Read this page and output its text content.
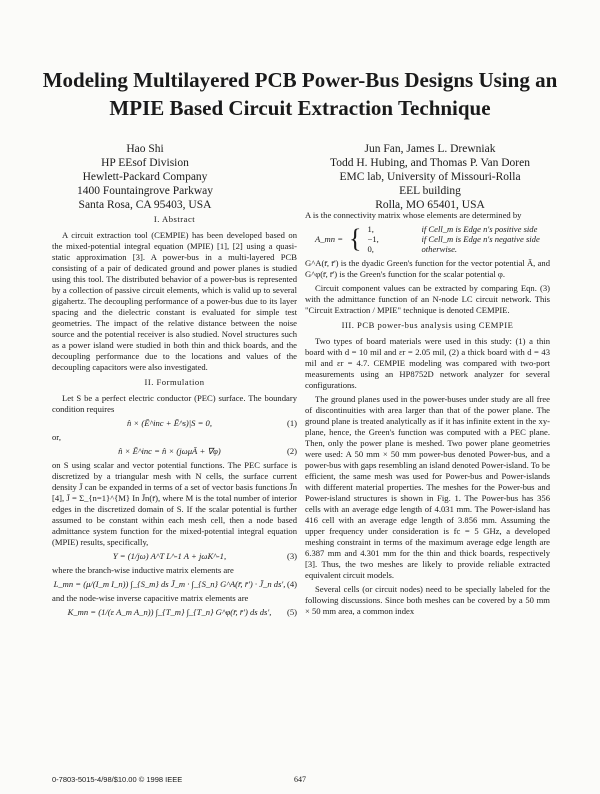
Modeling Multilayered PCB Power-Bus Designs Using an
MPIE Based Circuit Extraction Technique
Hao Shi
HP EEsof Division
Hewlett-Packard Company
1400 Fountaingrove Parkway
Santa Rosa, CA 95403, USA
Jun Fan, James L. Drewniak
Todd H. Hubing, and Thomas P. Van Doren
EMC lab, University of Missouri-Rolla
EEL building
Rolla, MO 65401, USA
I. Abstract

A circuit extraction tool (CEMPIE) has been developed based on the mixed-potential integral equation (MPIE) [1], [2] using a quasi-static approximation [3]. A power-bus in a multi-layered PCB consisting of a pair of dedicated ground and power planes is studied using this tool. The distributed behavior of a power-bus is represented by a collection of passive circuit elements, which is valid up to several gigahertz. The decoupling performance of a power-bus due to its layer spacing and the dielectric constant is evaluated for simple test geometries. The impact of the relative distance between the noise source and the potential receiver is also studied. Novel structures such as a power island were studied in both thin and thick boards, and the decoupling performance due to the locations and values of the decoupling capacitors were also investigated.

II. Formulation

Let S be a perfect electric conductor (PEC) surface. The boundary condition requires

n̂ × (Ē^inc + Ē^s)|S = 0,	(1)

or,

n̂ × Ē^inc = n̂ × (jωμĀ + ∇φ)	(2)

on S using scalar and vector potential functions. The PEC surface is discretized by a triangular mesh with N cells, the surface current density J̄ can be expanded in terms of a set of vector basis functions J̄n [4], J̄ = Σ_{n=1}^{M} In J̄n(r̄), where M is the total number of interior edges in the discretized domain of S. If the scalar potential is further assumed to be constant within each mesh cell, then a node based admittance system function for the mixed-potential integral equation (MPIE) results, specifically,

Y = (1/jω) A^T L^-1 A + jωK^-1,	(3)

where the branch-wise inductive matrix elements are

L_mn = (μ/(I_m I_n)) ∫_{S_m} ds J̄_m · ∫_{S_n} G^A(r̄, r̄') · J̄_n ds', (4)

and the node-wise inverse capacitive matrix elements are

K_mn = (1/(ε A_m A_n)) ∫_{T_m} ∫_{T_n} G^φ(r̄, r̄') ds ds',	(5)

A is the connectivity matrix whose elements are determined by

A_mn = { 1,	if Cell_m is Edge n's positive side
−1,	if Cell_m is Edge n's negative side
0,	otherwise.

G^A(r̄, r̄') is the dyadic Green's function for the vector potential Ā, and G^φ(r̄, r̄') is the Green's function for the scalar potential φ.

Circuit component values can be extracted by comparing Eqn. (3) with the admittance function of an N-node LC circuit network. This "Circuit Extraction / MPIE" technique is denoted CEMPIE.

III. PCB power-bus analysis using CEMPIE

Two types of board materials were used in this study: (1) a thin board with d = 10 mil and εr = 2.05 mil, (2) a thick board with d = 43 mil and εr = 4.7. CEMPIE modeling was compared with two-port measurements using an HP8752D network analyzer for several configurations.

The ground planes used in the power-buses under study are all free of discontinuities with area larger than that of the power plane. The ground plane is treated analytically as if it has infinite extent in the xy-plane, hence, the Green's function was computed with a PEC plane. Then, only the power plane is meshed. Two power plane geometries were used: A 50 mm × 50 mm power-bus denoted Power-bus, and a power-bus with gaps resembling an island denoted Power-island. To be efficient, the same mesh was used for Power-bus and Power-islands with different material properties. The meshes for the Power-bus and Power-island structures is shown in Fig. 1. The Power-bus has 356 cells with an average edge length of 4.031 mm. The Power-island has 416 cell with an average edge length of 3.856 mm. Assuming the upper frequency under consideration is fc = 5 GHz, a developed meshing constraint in terms of the maximum average edge length are 6.387 mm and 4.301 mm for the thin and thick boards, respectively [3]. Thus, the two meshes are likely to provide reliable extracted equivalent circuit models.

Several cells (or circuit nodes) need to be specially labeled for the following discussions. Since both meshes can be covered by a 50 mm × 50 mm area, a common index

0-7803-5015-4/98/$10.00 © 1998 IEEE	647
